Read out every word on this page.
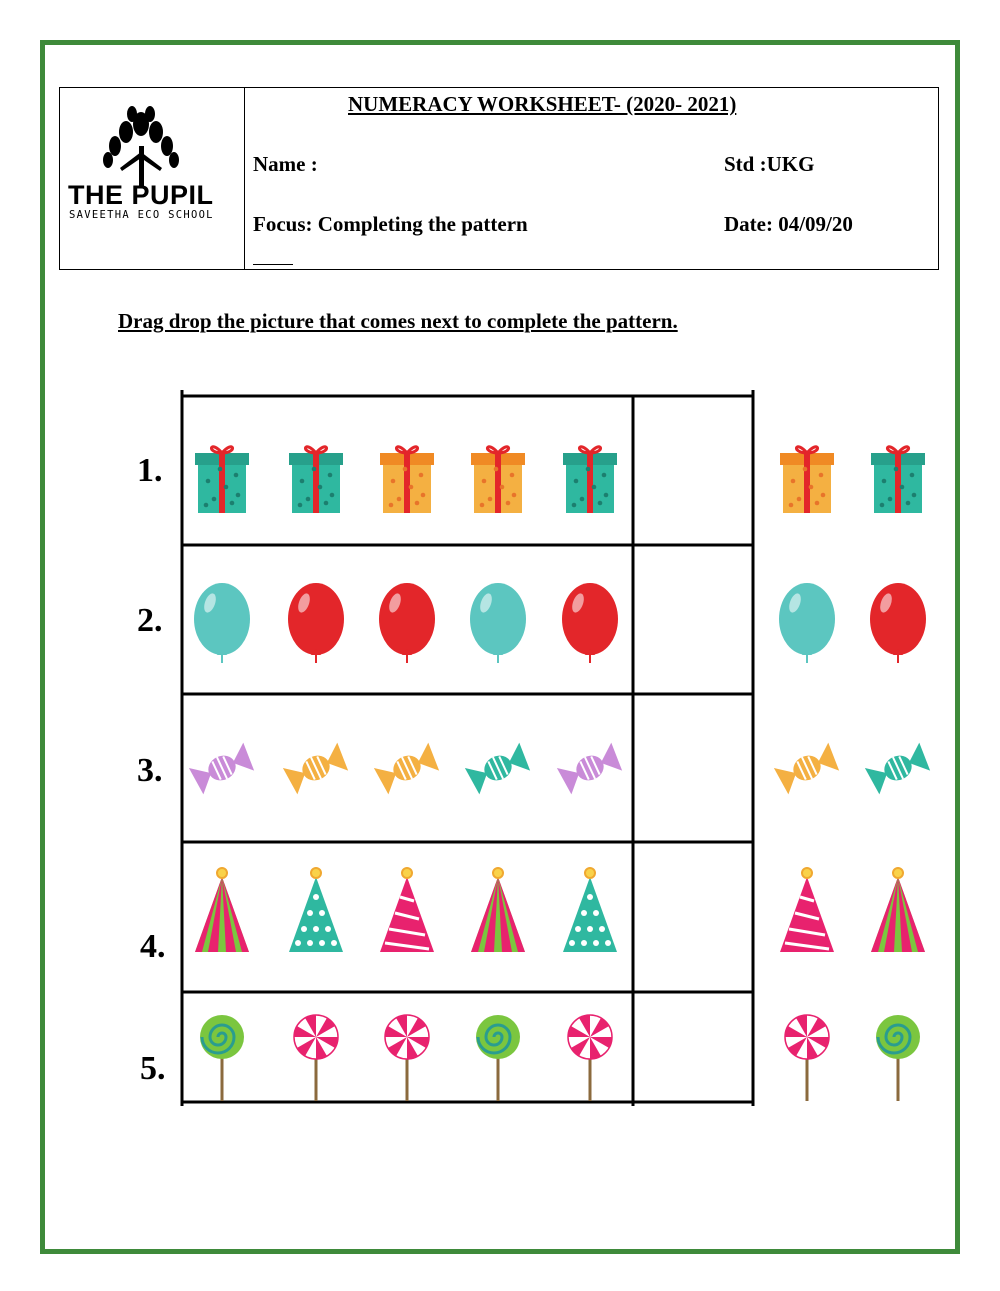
THE PUPIL
SAVEETHA ECO SCHOOL
NUMERACY WORKSHEET- (2020- 2021)
Name :	Std :UKG
Focus: Completing the pattern	Date: 04/09/20
Drag drop the picture that comes next to complete the pattern.
1.
2.
3.
4.
5.
